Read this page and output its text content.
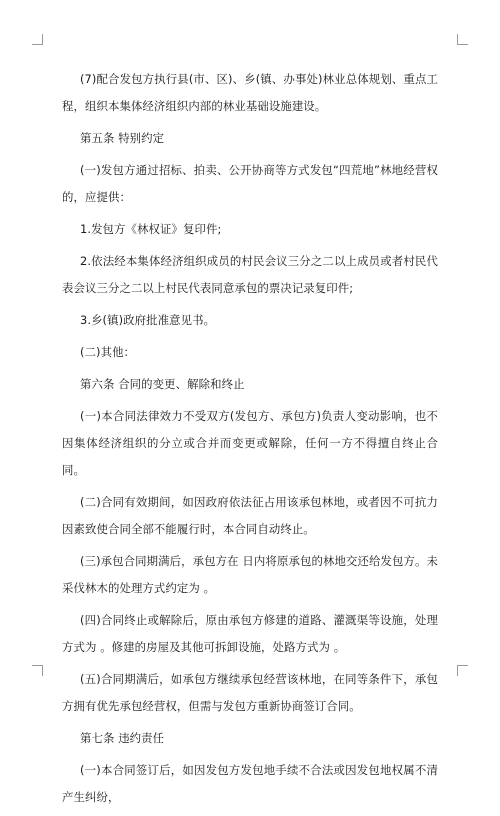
(7)配合发包方执行县(市、区)、乡(镇、办事处)林业总体规划、重点工程，组织本集体经济组织内部的林业基础设施建设。

第五条 特别约定

(一)发包方通过招标、拍卖、公开协商等方式发包“四荒地”林地经营权的，应提供：

1.发包方《林权证》复印件;

2.依法经本集体经济组织成员的村民会议三分之二以上成员或者村民代表会议三分之二以上村民代表同意承包的票决记录复印件;

3.乡(镇)政府批准意见书。

(二)其他：

第六条 合同的变更、解除和终止

(一)本合同法律效力不受双方(发包方、承包方)负责人变动影响，也不因集体经济组织的分立或合并而变更或解除，任何一方不得擅自终止合同。

(二)合同有效期间，如因政府依法征占用该承包林地，或者因不可抗力因素致使合同全部不能履行时，本合同自动终止。

(三)承包合同期满后，承包方在 日内将原承包的林地交还给发包方。未采伐林木的处理方式约定为 。

(四)合同终止或解除后，原由承包方修建的道路、灌溉渠等设施，处理方式为 。修建的房屋及其他可拆卸设施，处路方式为 。

(五)合同期满后，如承包方继续承包经营该林地，在同等条件下，承包方拥有优先承包经营权，但需与发包方重新协商签订合同。

第七条 违约责任

(一)本合同签订后，如因发包方发包地手续不合法或因发包地权属不清产生纠纷，
